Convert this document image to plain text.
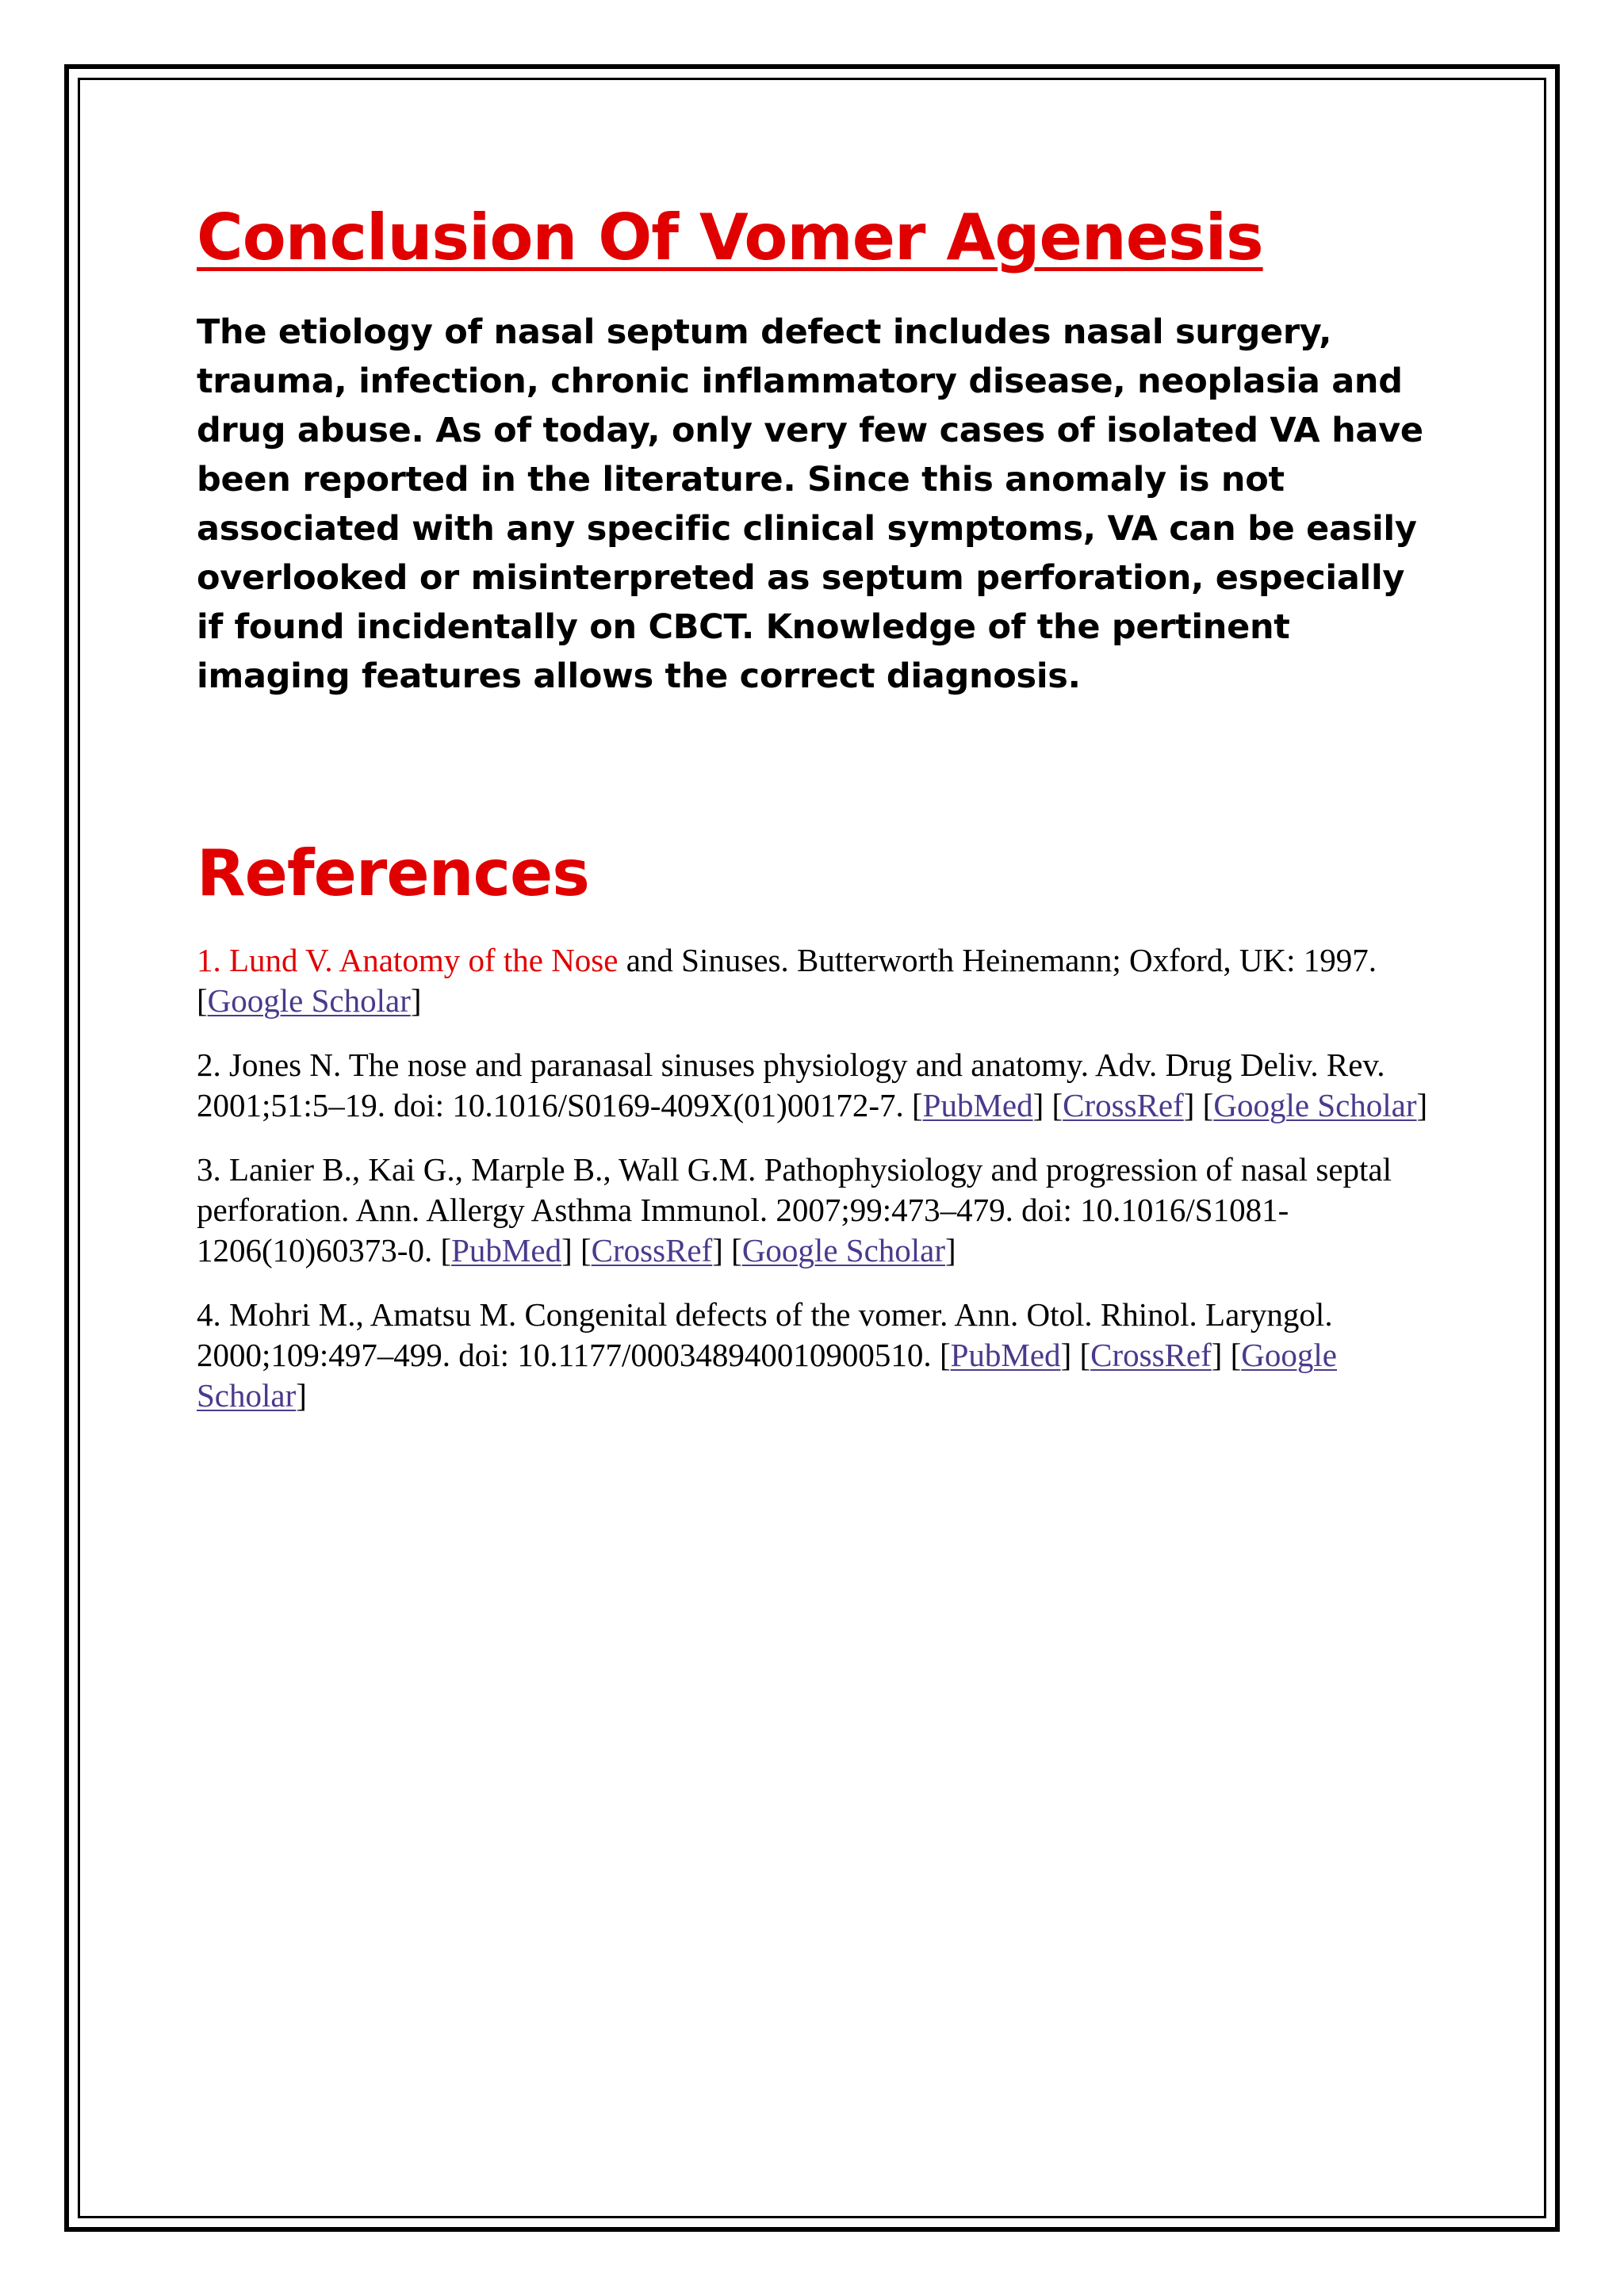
Conclusion Of Vomer Agenesis

The etiology of nasal septum defect includes nasal surgery, trauma, infection, chronic inflammatory disease, neoplasia and drug abuse. As of today, only very few cases of isolated VA have been reported in the literature. Since this anomaly is not associated with any specific clinical symptoms, VA can be easily overlooked or misinterpreted as septum perforation, especially if found incidentally on CBCT. Knowledge of the pertinent imaging features allows the correct diagnosis.

References
1. Lund V. Anatomy of the Nose and Sinuses. Butterworth Heinemann; Oxford, UK: 1997. [Google Scholar]
2. Jones N. The nose and paranasal sinuses physiology and anatomy. Adv. Drug Deliv. Rev. 2001;51:5–19. doi: 10.1016/S0169-409X(01)00172-7. [PubMed] [CrossRef] [Google Scholar]
3. Lanier B., Kai G., Marple B., Wall G.M. Pathophysiology and progression of nasal septal perforation. Ann. Allergy Asthma Immunol. 2007;99:473–479. doi: 10.1016/S1081-1206(10)60373-0. [PubMed] [CrossRef] [Google Scholar]
4. Mohri M., Amatsu M. Congenital defects of the vomer. Ann. Otol. Rhinol. Laryngol. 2000;109:497–499. doi: 10.1177/000348940010900510. [PubMed] [CrossRef] [Google Scholar]
